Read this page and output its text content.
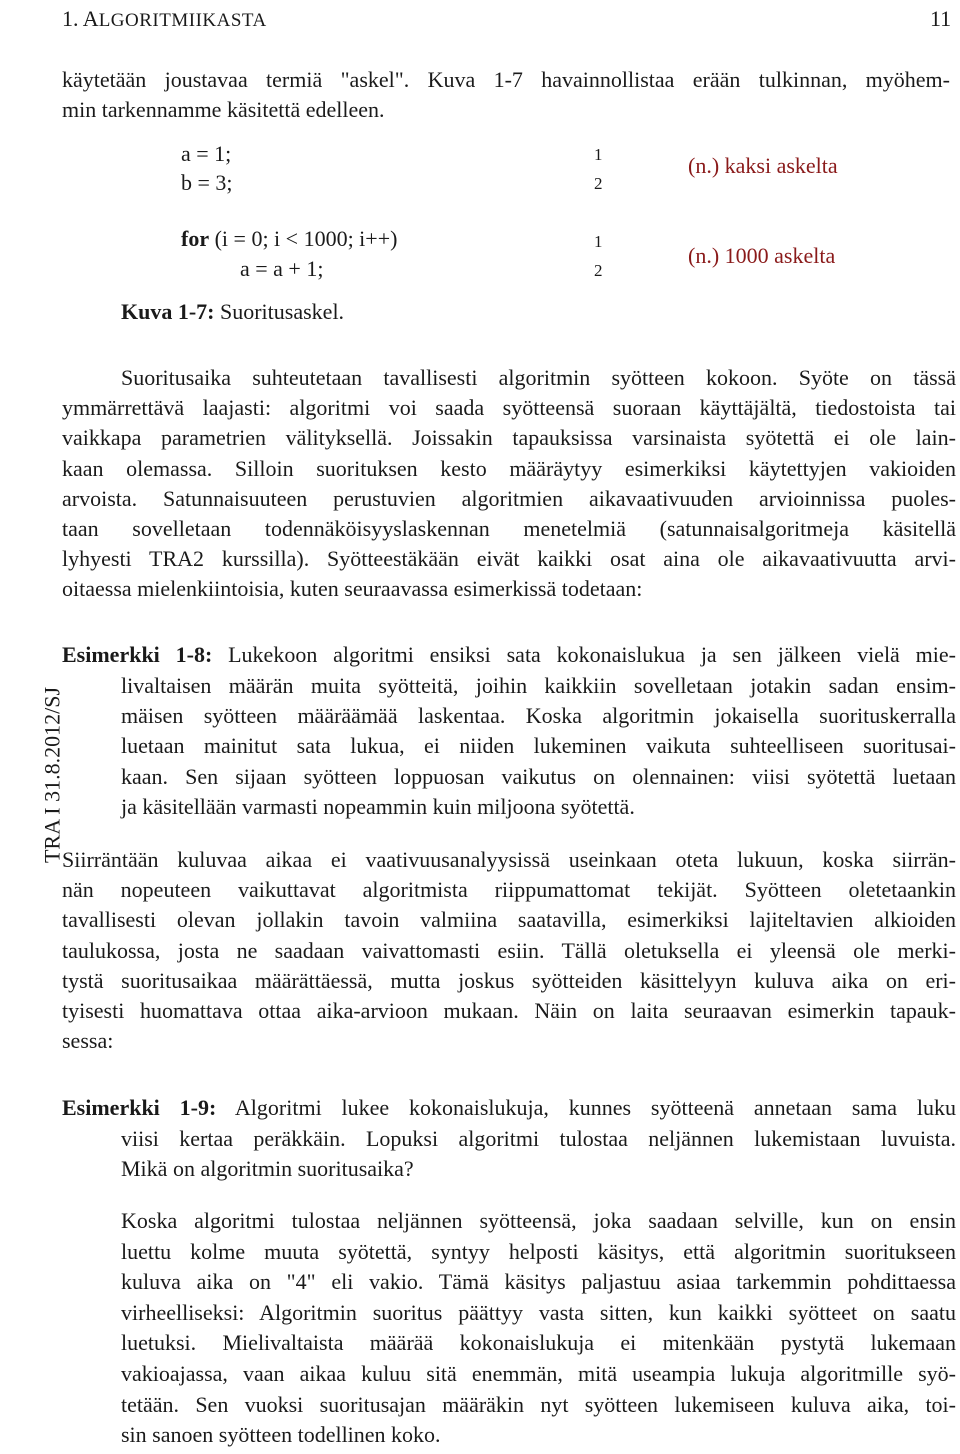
1. ALGORITMIIKASTA	11
käytetään joustavaa termiä "askel". Kuva 1-7 havainnollistaa erään tulkinnan, myöhem-
min tarkennamme käsitettä edelleen.
a = 1;
b = 3;
for (i = 0; i < 1000; i++)
a = a + 1;
1
2
1
2
(n.) kaksi askelta
(n.) 1000 askelta
Kuva 1-7: Suoritusaskel.
Suoritusaika suhteutetaan tavallisesti algoritmin syötteen kokoon. Syöte on tässä
ymmärrettävä laajasti: algoritmi voi saada syötteensä suoraan käyttäjältä, tiedostoista tai
vaikkapa parametrien välityksellä. Joissakin tapauksissa varsinaista syötettä ei ole lain-
kaan olemassa. Silloin suorituksen kesto määräytyy esimerkiksi käytettyjen vakioiden
arvoista. Satunnaisuuteen perustuvien algoritmien aikavaativuuden arvioinnissa puoles-
taan sovelletaan todennäköisyyslaskennan menetelmiä (satunnaisalgoritmeja käsitellä
lyhyesti TRA2 kurssilla). Syötteestäkään eivät kaikki osat aina ole aikavaativuutta arvi-
oitaessa mielenkiintoisia, kuten seuraavassa esimerkissä todetaan:
Esimerkki 1-8: Lukekoon algoritmi ensiksi sata kokonaislukua ja sen jälkeen vielä mie-
livaltaisen määrän muita syötteitä, joihin kaikkiin sovelletaan jotakin sadan ensim-
mäisen syötteen määräämää laskentaa. Koska algoritmin jokaisella suorituskerralla
luetaan mainitut sata lukua, ei niiden lukeminen vaikuta suhteelliseen suoritusai-
kaan. Sen sijaan syötteen loppuosan vaikutus on olennainen: viisi syötettä luetaan
ja käsitellään varmasti nopeammin kuin miljoona syötettä.
Siirräntään kuluvaa aikaa ei vaativuusanalyysissä useinkaan oteta lukuun, koska siirrän-
nän nopeuteen vaikuttavat algoritmista riippumattomat tekijät. Syötteen oletetaankin
tavallisesti olevan jollakin tavoin valmiina saatavilla, esimerkiksi lajiteltavien alkioiden
taulukossa, josta ne saadaan vaivattomasti esiin. Tällä oletuksella ei yleensä ole merki-
tystä suoritusaikaa määrättäessä, mutta joskus syötteiden käsittelyyn kuluva aika on eri-
tyisesti huomattava ottaa aika-arvioon mukaan. Näin on laita seuraavan esimerkin tapauk-
sessa:
Esimerkki 1-9: Algoritmi lukee kokonaislukuja, kunnes syötteenä annetaan sama luku
viisi kertaa peräkkäin. Lopuksi algoritmi tulostaa neljännen lukemistaan luvuista.
Mikä on algoritmin suoritusaika?
Koska algoritmi tulostaa neljännen syötteensä, joka saadaan selville, kun on ensin
luettu kolme muuta syötettä, syntyy helposti käsitys, että algoritmin suoritukseen
kuluva aika on "4" eli vakio. Tämä käsitys paljastuu asiaa tarkemmin pohdittaessa
virheelliseksi: Algoritmin suoritus päättyy vasta sitten, kun kaikki syötteet on saatu
luetuksi. Mielivaltaista määrää kokonaislukuja ei mitenkään pystytä lukemaan
vakioajassa, vaan aikaa kuluu sitä enemmän, mitä useampia lukuja algoritmille syö-
tetään. Sen vuoksi suoritusajan määräkin nyt syötteen lukemiseen kuluva aika, toi-
sin sanoen syötteen todellinen koko.
TRA I 31.8.2012/SJ
